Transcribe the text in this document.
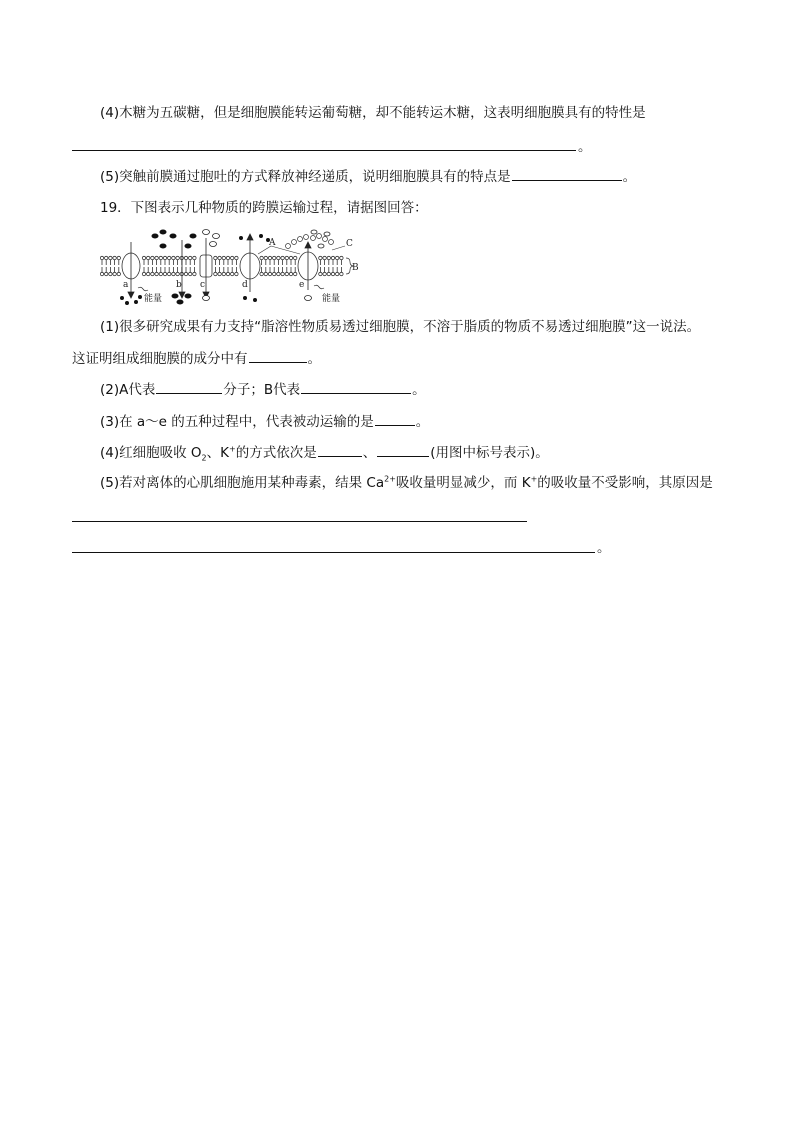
(4)木糖为五碳糖，但是细胞膜能转运葡萄糖，却不能转运木糖，这表明细胞膜具有的特性是
。
(5)突触前膜通过胞吐的方式释放神经递质，说明细胞膜具有的特点是	。
19．下图表示几种物质的跨膜运输过程，请据图回答：
A
B
C
a	b c	d	e
能量	能量
(1)很多研究成果有力支持“脂溶性物质易透过细胞膜，不溶于脂质的物质不易透过细胞膜”这一说法。
这证明组成细胞膜的成分中有	。
(2)A代表	分子；B代表	。
(3)在 a～e 的五种过程中，代表被动运输的是	。
(4)红细胞吸收 $O_2$、K+的方式依次是	、	(用图中标号表示)。
(5)若对离体的心肌细胞施用某种毒素，结果 $Ca^{2+}$吸收量明显减少，而 K+的吸收量不受影响，其原因是
。
